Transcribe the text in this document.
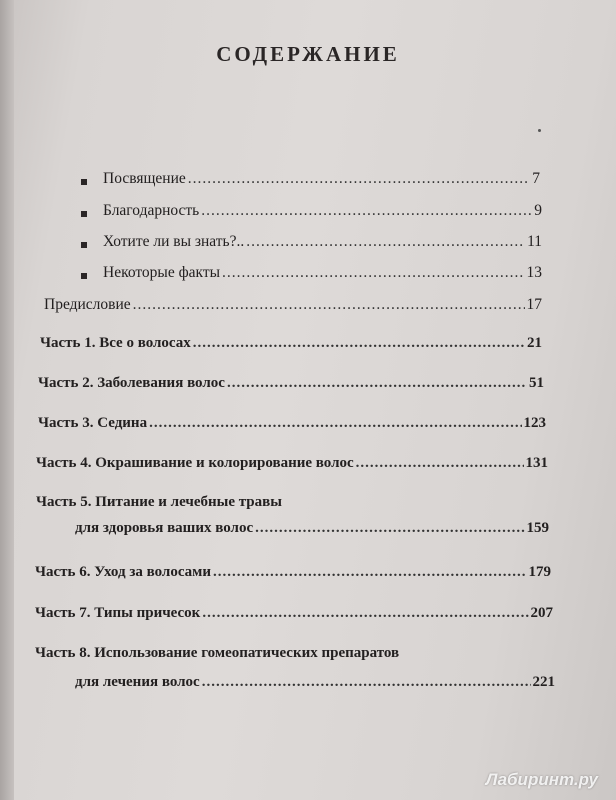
СОДЕРЖАНИЕ
Посвящение .....	7
Благодарность .....	9
Хотите ли вы знать?.. .....	11
Некоторые факты .....	13
Предисловие .....	17
Часть 1. Все о волосах .....	21
Часть 2. Заболевания волос .....	51
Часть 3. Седина .....	123
Часть 4. Окрашивание и колорирование волос .....	131
Часть 5. Питание и лечебные травы
для здоровья ваших волос .....	159
Часть 6. Уход за волосами .....	179
Часть 7. Типы причесок .....	207
Часть 8. Использование гомеопатических препаратов
для лечения волос .....	221
Лабиринт.ру
